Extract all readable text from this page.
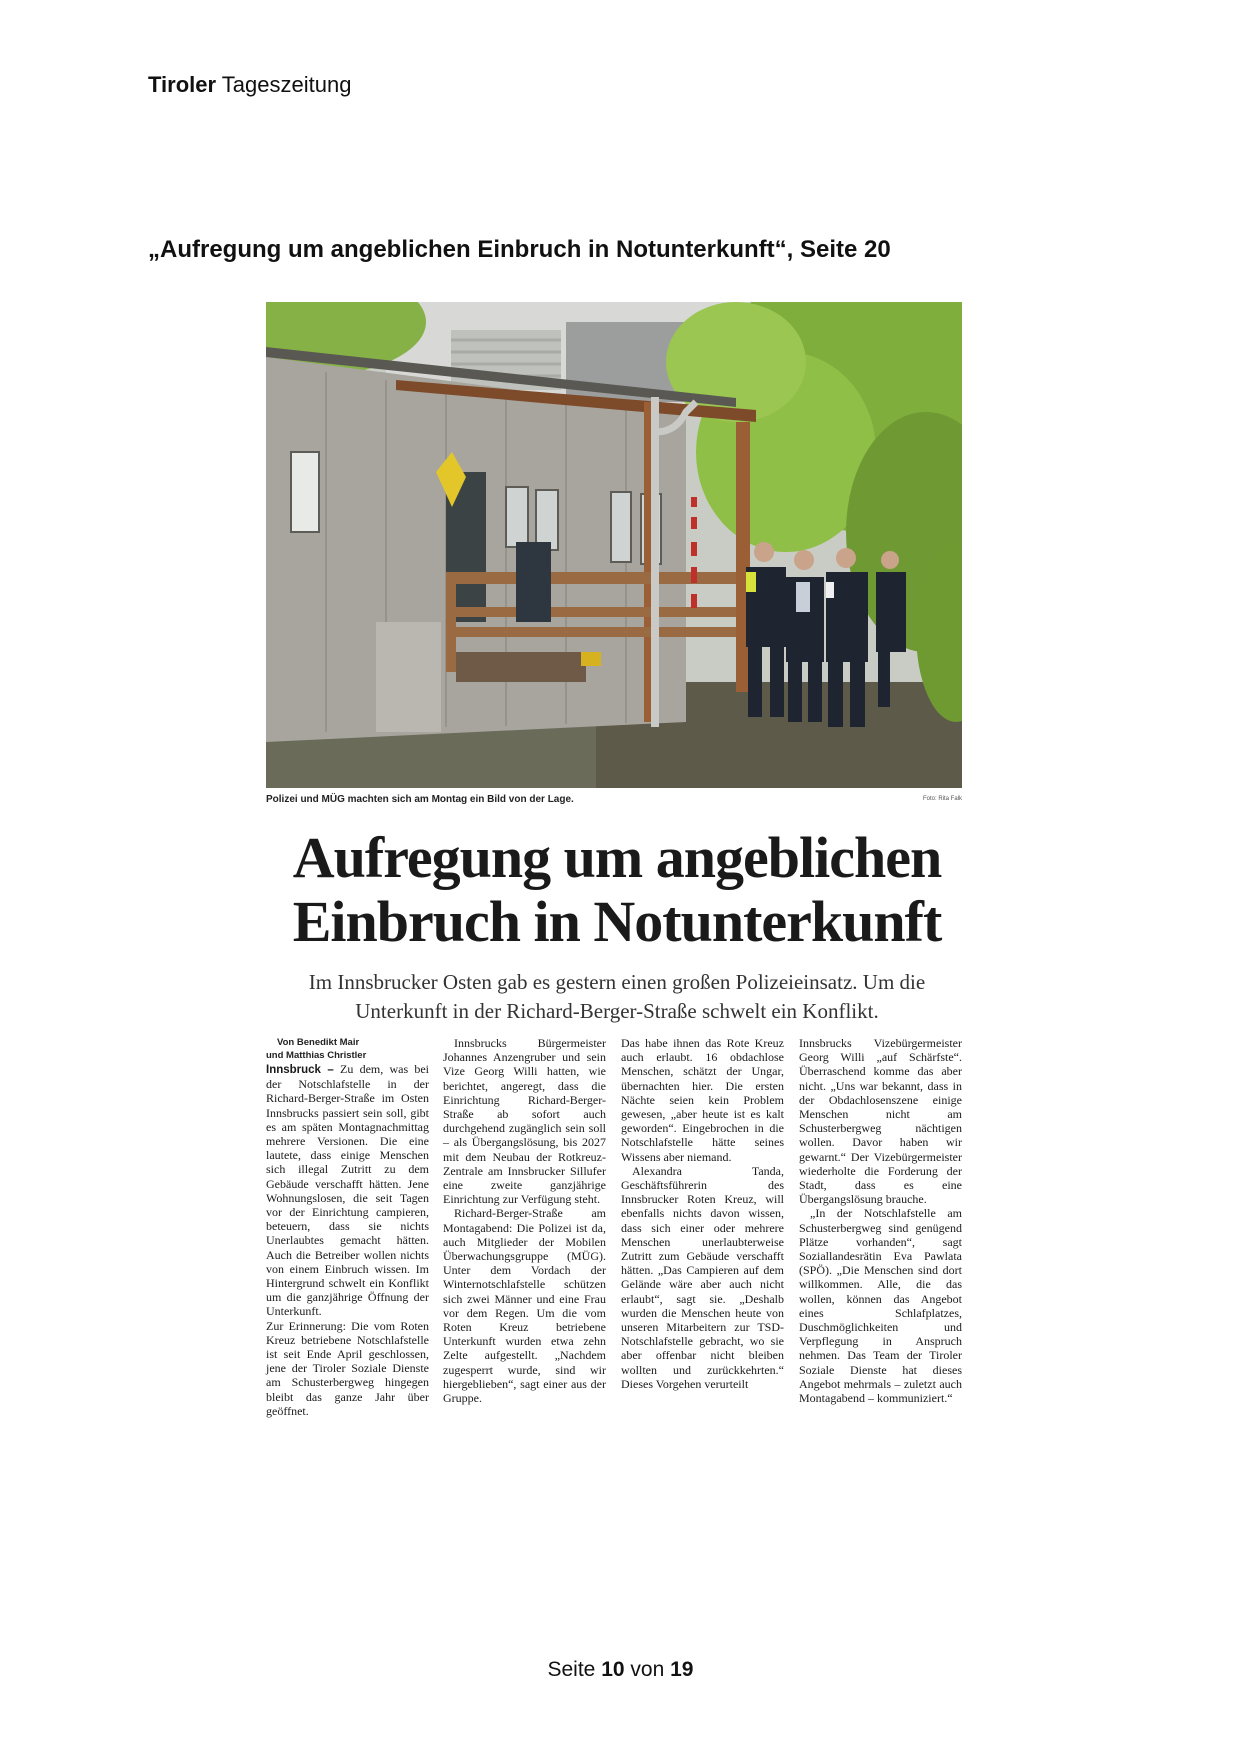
Tiroler Tageszeitung
„Aufregung um angeblichen Einbruch in Notunterkunft“, Seite 20
Polizei und MÜG machten sich am Montag ein Bild von der Lage.	Foto: Rita Falk
Aufregung um angeblichen
Einbruch in Notunterkunft
Im Innsbrucker Osten gab es gestern einen großen Polizeieinsatz. Um die Unterkunft in der Richard-Berger-Straße schwelt ein Konflikt.

Von Benedikt Mair
und Matthias Christler

Innsbruck – Zu dem, was bei der Notschlafstelle in der Richard-Berger-Straße im Osten Innsbrucks passiert sein soll, gibt es am späten Montagnachmittag mehrere Versionen. Die eine lautete, dass einige Menschen sich illegal Zutritt zu dem Gebäude verschafft hätten. Jene Wohnungslosen, die seit Tagen vor der Einrichtung campieren, beteuern, dass sie nichts Unerlaubtes gemacht hätten. Auch die Betreiber wollen nichts von einem Einbruch wissen. Im Hintergrund schwelt ein Konflikt um die ganzjährige Öffnung der Unterkunft.

Zur Erinnerung: Die vom Roten Kreuz betriebene Notschlafstelle ist seit Ende April geschlossen, jene der Tiroler Soziale Dienste am Schusterbergweg hingegen bleibt das ganze Jahr über geöffnet.

Innsbrucks Bürgermeister Johannes Anzengruber und sein Vize Georg Willi hatten, wie berichtet, angeregt, dass die Einrichtung Richard-Berger-Straße ab sofort auch durchgehend zugänglich sein soll – als Übergangslösung, bis 2027 mit dem Neubau der Rotkreuz-Zentrale am Innsbrucker Sillufer eine zweite ganzjährige Einrichtung zur Verfügung steht.

Richard-Berger-Straße am Montagabend: Die Polizei ist da, auch Mitglieder der Mobilen Überwachungsgruppe (MÜG). Unter dem Vordach der Winternotschlafstelle schützen sich zwei Männer und eine Frau vor dem Regen. Um die vom Roten Kreuz betriebene Unterkunft wurden etwa zehn Zelte aufgestellt. „Nachdem zugesperrt wurde, sind wir hiergeblieben“, sagt einer aus der Gruppe.

Das habe ihnen das Rote Kreuz auch erlaubt. 16 obdachlose Menschen, schätzt der Ungar, übernachten hier. Die ersten Nächte seien kein Problem gewesen, „aber heute ist es kalt geworden“. Eingebrochen in die Notschlafstelle hätte seines Wissens aber niemand.

Alexandra Tanda, Geschäftsführerin des Innsbrucker Roten Kreuz, will ebenfalls nichts davon wissen, dass sich einer oder mehrere Menschen unerlaubterweise Zutritt zum Gebäude verschafft hätten. „Das Campieren auf dem Gelände wäre aber auch nicht erlaubt“, sagt sie. „Deshalb wurden die Menschen heute von unseren Mitarbeitern zur TSD-Notschlafstelle gebracht, wo sie aber offenbar nicht bleiben wollten und zurückkehrten.“ Dieses Vorgehen verurteilt

Innsbrucks Vizebürgermeister Georg Willi „auf Schärfste“. Überraschend komme das aber nicht. „Uns war bekannt, dass in der Obdachlosenszene einige Menschen nicht am Schusterbergweg nächtigen wollen. Davor haben wir gewarnt.“ Der Vizebürgermeister wiederholte die Forderung der Stadt, dass es eine Übergangslösung brauche.

„In der Notschlafstelle am Schusterbergweg sind genügend Plätze vorhanden“, sagt Soziallandesrätin Eva Pawlata (SPÖ). „Die Menschen sind dort willkommen. Alle, die das wollen, können das Angebot eines Schlafplatzes, Duschmöglichkeiten und Verpflegung in Anspruch nehmen. Das Team der Tiroler Soziale Dienste hat dieses Angebot mehrmals – zuletzt auch Montagabend – kommuniziert.“

Seite 10 von 19
